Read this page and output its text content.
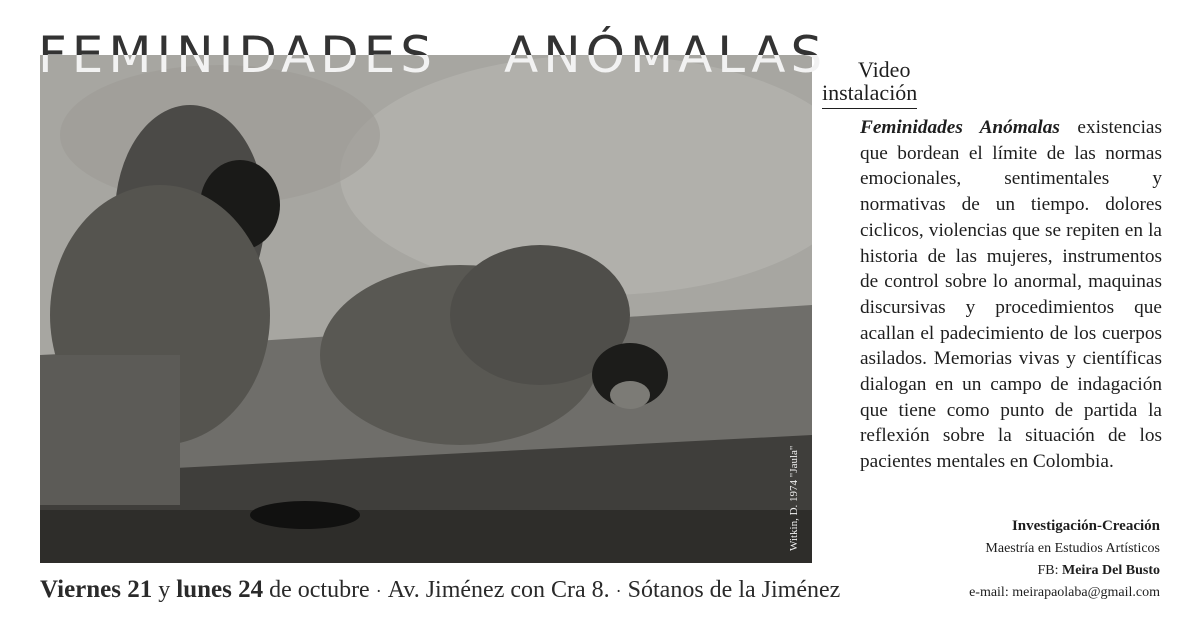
FEMINIDADES ANÓMALAS
Witkin, D. 1974 "Jaula"
Video
instalación
Feminidades Anómalas existencias que bordean el límite de las normas emocionales, sentimentales y normativas de un tiempo. dolores ciclicos, violencias que se repiten en la historia de las mujeres, instrumentos de control sobre lo anormal, maquinas discursivas y procedimientos que acallan el padecimiento de los cuerpos asilados. Memorias vivas y científicas dialogan en un campo de indagación que tiene como punto de partida la reflexión sobre la situación de los pacientes mentales en Colombia.
Investigación-Creación
Maestría en Estudios Artísticos
FB: Meira Del Busto
e-mail: meirapaolaba@gmail.com
Viernes 21 y lunes 24 de octubre · Av. Jiménez con Cra 8. · Sótanos de la Jiménez
